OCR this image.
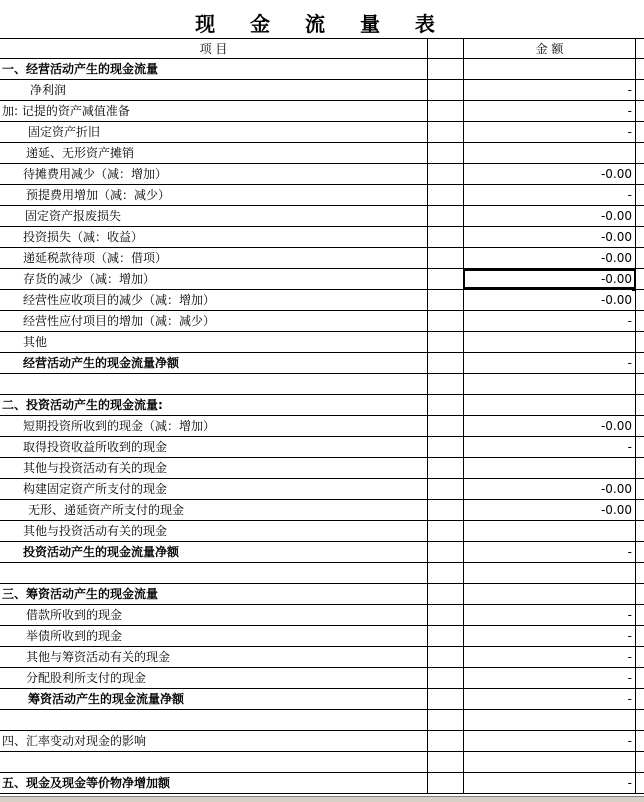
现 金 流 量 表
项 目	金 额
一、经营活动产生的现金流量
净利润	-
加: 记提的资产减值准备	-
固定资产折旧	-
递延、无形资产摊销
待摊费用减少（减：增加）	-0.00
预提费用增加（减：减少）	-
固定资产报废损失	-0.00
投资损失（减：收益）	-0.00
递延税款待项（减：借项）	-0.00
存货的减少（减：增加）	-0.00
经营性应收项目的减少（减：增加）	-0.00
经营性应付项目的增加（减：减少）	-
其他
经营活动产生的现金流量净额	-
二、投资活动产生的现金流量:
短期投资所收到的现金（减：增加）	-0.00
取得投资收益所收到的现金	-
其他与投资活动有关的现金
构建固定资产所支付的现金	-0.00
无形、递延资产所支付的现金	-0.00
其他与投资活动有关的现金
投资活动产生的现金流量净额	-
三、筹资活动产生的现金流量
借款所收到的现金	-
举债所收到的现金	-
其他与筹资活动有关的现金	-
分配股利所支付的现金	-
筹资活动产生的现金流量净额	-
四、汇率变动对现金的影响	-
五、现金及现金等价物净增加额	-
